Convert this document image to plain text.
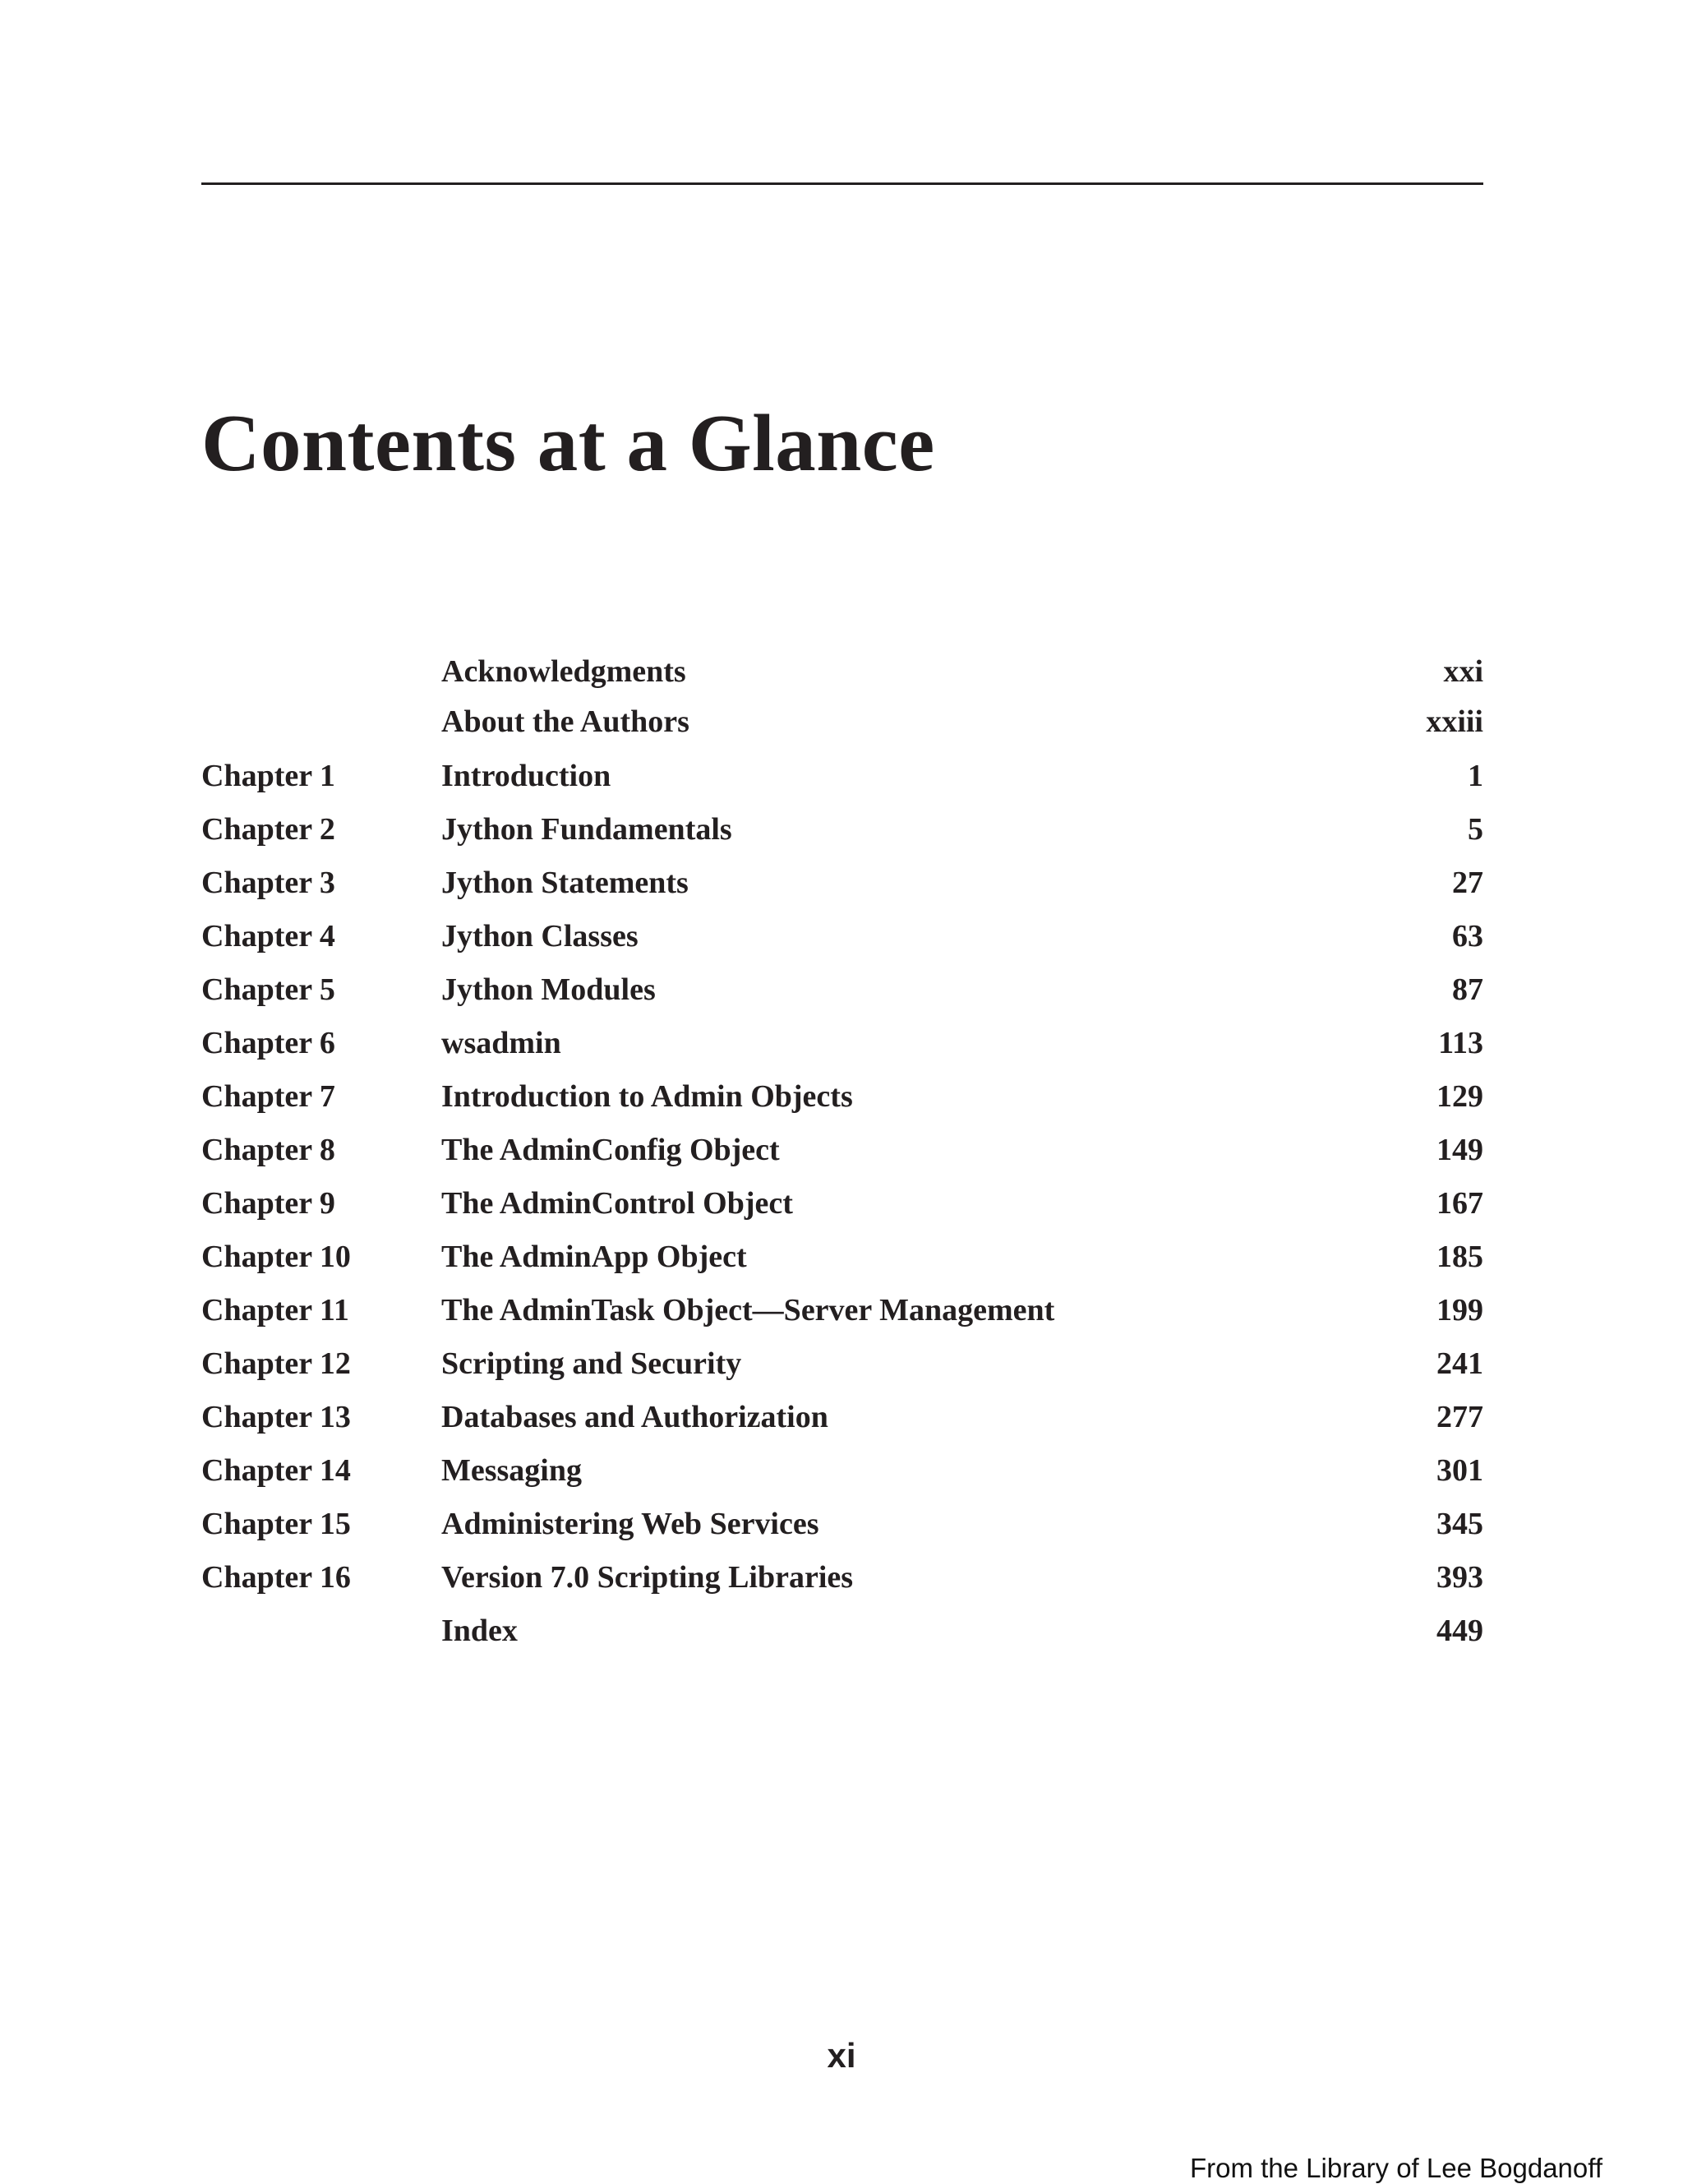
Contents at a Glance
Acknowledgments	xxi
About the Authors	xxiii
Chapter 1	Introduction	1
Chapter 2	Jython Fundamentals	5
Chapter 3	Jython Statements	27
Chapter 4	Jython Classes	63
Chapter 5	Jython Modules	87
Chapter 6	wsadmin	113
Chapter 7	Introduction to Admin Objects	129
Chapter 8	The AdminConfig Object	149
Chapter 9	The AdminControl Object	167
Chapter 10	The AdminApp Object	185
Chapter 11	The AdminTask Object—Server Management	199
Chapter 12	Scripting and Security	241
Chapter 13	Databases and Authorization	277
Chapter 14	Messaging	301
Chapter 15	Administering Web Services	345
Chapter 16	Version 7.0 Scripting Libraries	393
Index	449
xi
From the Library of Lee Bogdanoff
